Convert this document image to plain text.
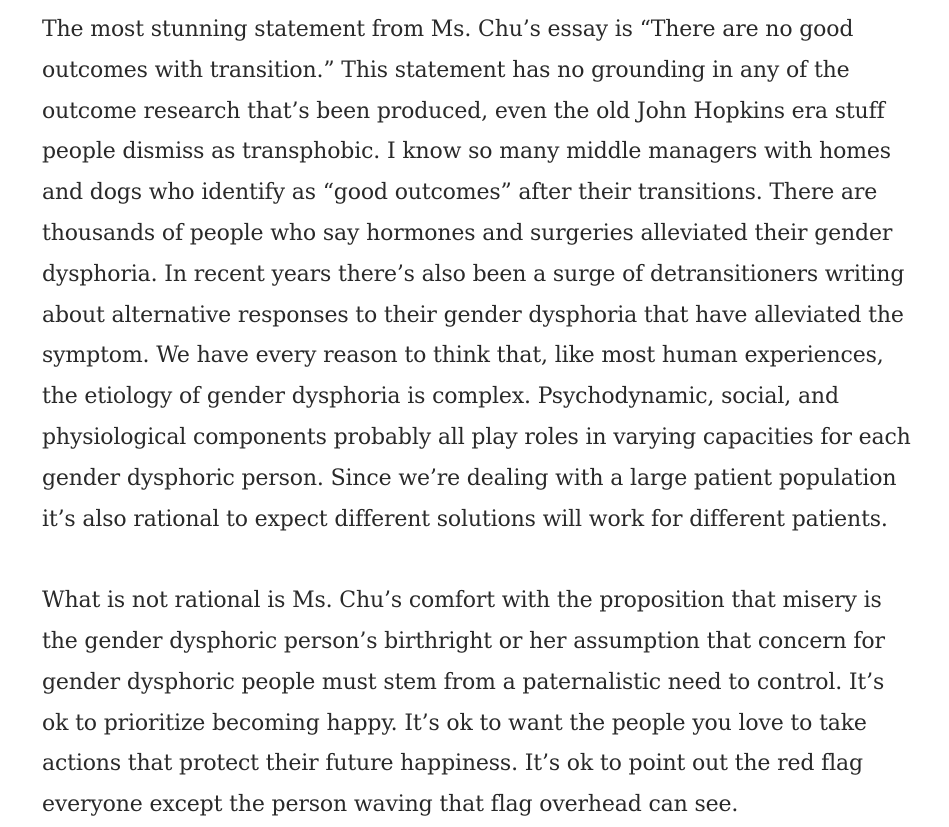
The most stunning statement from Ms. Chu’s essay is “There are no good
outcomes with transition.” This statement has no grounding in any of the
outcome research that’s been produced, even the old John Hopkins era stuff
people dismiss as transphobic. I know so many middle managers with homes
and dogs who identify as “good outcomes” after their transitions. There are
thousands of people who say hormones and surgeries alleviated their gender
dysphoria. In recent years there’s also been a surge of detransitioners writing
about alternative responses to their gender dysphoria that have alleviated the
symptom. We have every reason to think that, like most human experiences,
the etiology of gender dysphoria is complex. Psychodynamic, social, and
physiological components probably all play roles in varying capacities for each
gender dysphoric person. Since we’re dealing with a large patient population
it’s also rational to expect different solutions will work for different patients.

What is not rational is Ms. Chu’s comfort with the proposition that misery is
the gender dysphoric person’s birthright or her assumption that concern for
gender dysphoric people must stem from a paternalistic need to control. It’s
ok to prioritize becoming happy. It’s ok to want the people you love to take
actions that protect their future happiness. It’s ok to point out the red flag
everyone except the person waving that flag overhead can see.
